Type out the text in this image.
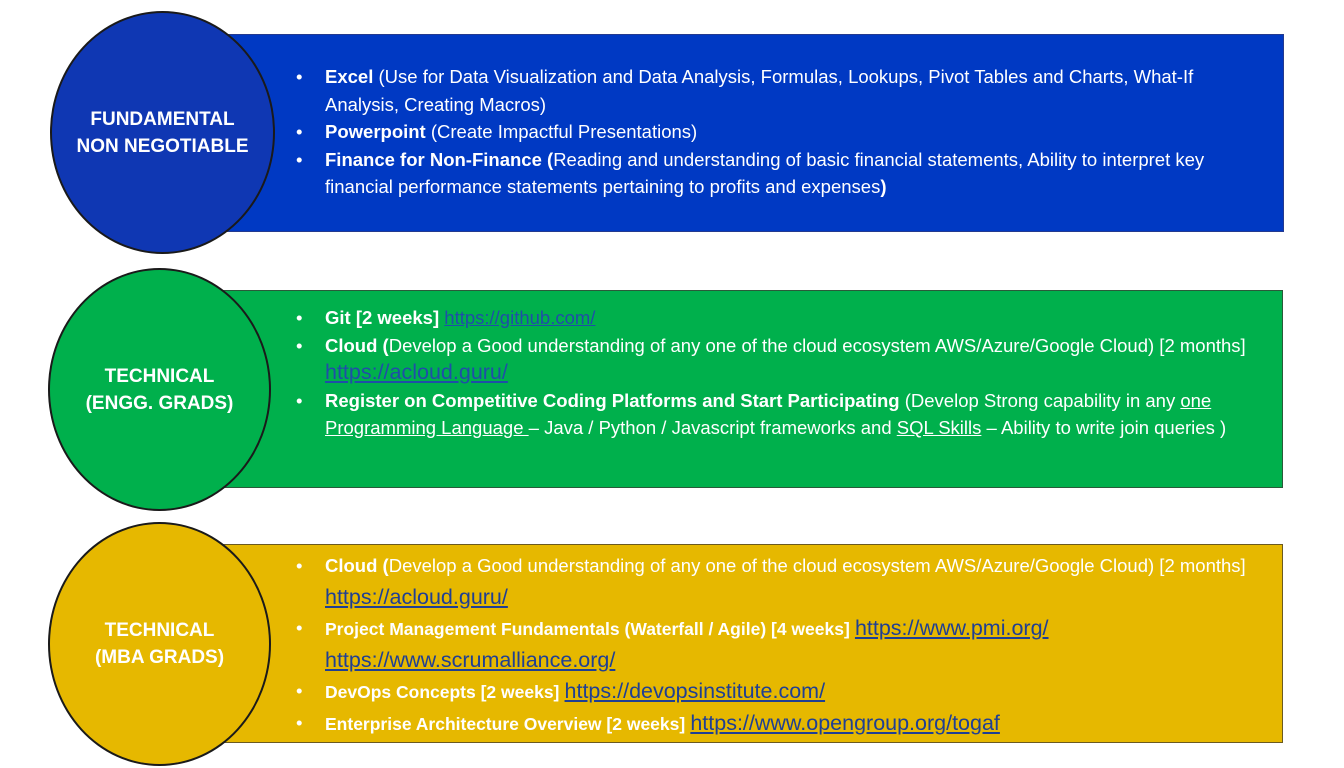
FUNDAMENTAL
NON NEGOTIABLE
• Excel (Use for Data Visualization and Data Analysis, Formulas, Lookups, Pivot Tables and Charts, What-If Analysis, Creating Macros)
• Powerpoint (Create Impactful Presentations)
• Finance for Non-Finance (Reading and understanding of basic financial statements, Ability to interpret key financial performance statements pertaining to profits and expenses)
TECHNICAL
(ENGG. GRADS)
• Git [2 weeks] https://github.com/
• Cloud (Develop a Good understanding of any one of the cloud ecosystem AWS/Azure/Google Cloud) [2 months] https://acloud.guru/
• Register on Competitive Coding Platforms and Start Participating (Develop Strong capability in any one Programming Language – Java / Python / Javascript frameworks and SQL Skills – Ability to write join queries )
TECHNICAL
(MBA GRADS)
• Cloud (Develop a Good understanding of any one of the cloud ecosystem AWS/Azure/Google Cloud) [2 months] https://acloud.guru/
• Project Management Fundamentals (Waterfall / Agile) [4 weeks] https://www.pmi.org/ https://www.scrumalliance.org/
• DevOps Concepts [2 weeks] https://devopsinstitute.com/
• Enterprise Architecture Overview [2 weeks] https://www.opengroup.org/togaf
